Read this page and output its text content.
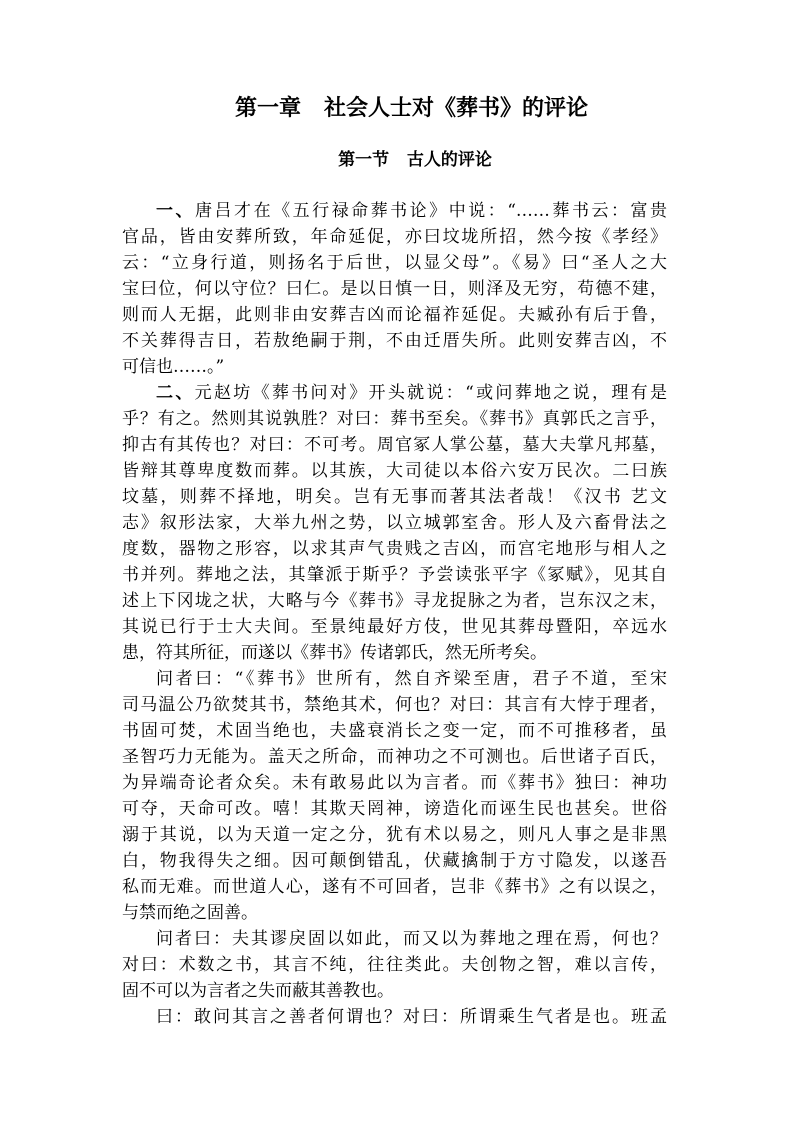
第一章   社会人士对《葬书》的评论
第一节   古人的评论
一、唐吕才在《五行禄命葬书论》中说：“……葬书云：富贵
官品，皆由安葬所致，年命延促，亦曰坟垅所招，然今按《孝经》
云：“立身行道，则扬名于后世，以显父母”。《易》曰“圣人之大
宝曰位，何以守位？曰仁。是以日慎一日，则泽及无穷，苟德不建，
则而人无据，此则非由安葬吉凶而论福祚延促。夫臧孙有后于鲁，
不关葬得吉日，若敖绝嗣于荆，不由迁厝失所。此则安葬吉凶，不
可信也……。”
二、元赵坊《葬书问对》开头就说：“或问葬地之说，理有是
乎？有之。然则其说孰胜？对曰：葬书至矣。《葬书》真郭氏之言乎，
抑古有其传也？对曰：不可考。周官冢人掌公墓，墓大夫掌凡邦墓，
皆辩其尊卑度数而葬。以其族，大司徒以本俗六安万民次。二曰族
坟墓，则葬不择地，明矣。岂有无事而著其法者哉！《汉书 艺文
志》叙形法家，大举九州之势，以立城郭室舍。形人及六畜骨法之
度数，器物之形容，以求其声气贵贱之吉凶，而宫宅地形与相人之
书并列。葬地之法，其肇派于斯乎？予尝读张平字《冢赋》，见其自
述上下冈垅之状，大略与今《葬书》寻龙捉脉之为者，岂东汉之末，
其说已行于士大夫间。至景纯最好方伎，世见其葬母暨阳，卒远水
患，符其所征，而遂以《葬书》传诸郭氏，然无所考矣。
问者曰：“《葬书》世所有，然自齐梁至唐，君子不道，至宋
司马温公乃欲焚其书，禁绝其术，何也？对曰：其言有大悖于理者，
书固可焚，术固当绝也，夫盛衰消长之变一定，而不可推移者，虽
圣智巧力无能为。盖天之所命，而神功之不可测也。后世诸子百氏，
为异端奇论者众矣。未有敢易此以为言者。而《葬书》独曰：神功
可夺，天命可改。嘻！其欺天罔神，谤造化而诬生民也甚矣。世俗
溺于其说，以为天道一定之分，犹有术以易之，则凡人事之是非黑
白，物我得失之细。因可颠倒错乱，伏藏擒制于方寸隐发，以遂吾
私而无难。而世道人心，遂有不可回者，岂非《葬书》之有以误之，
与禁而绝之固善。
问者曰：夫其谬戾固以如此，而又以为葬地之理在焉，何也？
对曰：术数之书，其言不纯，往往类此。夫创物之智，难以言传，
固不可以为言者之失而蔽其善教也。
曰：敢问其言之善者何谓也？对曰：所谓乘生气者是也。班孟
